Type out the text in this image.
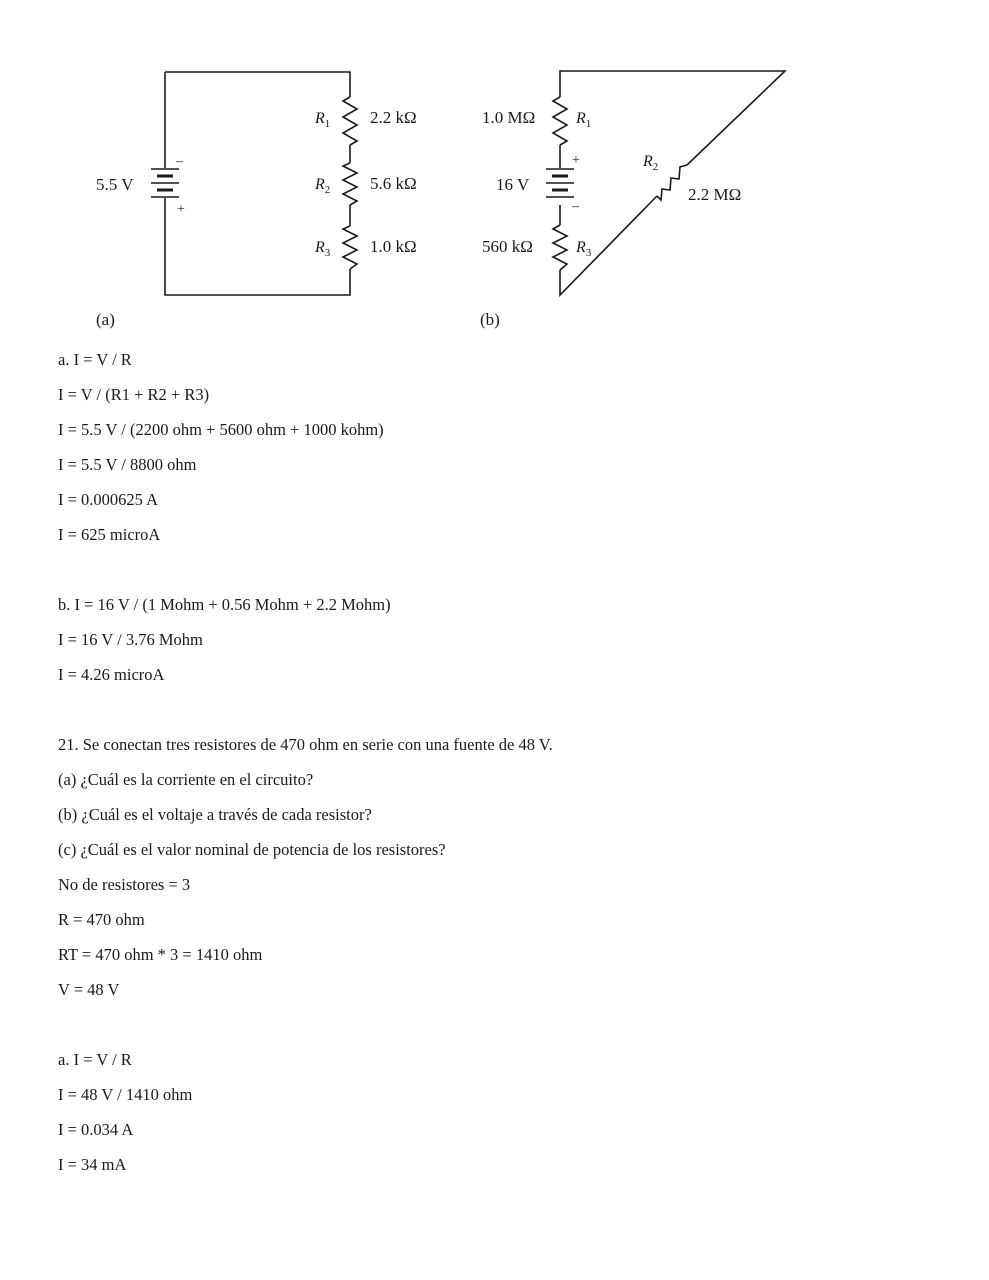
5.5 V
–
+
$R_1$ 2.2 kΩ
$R_2$ 5.6 kΩ
$R_3$ 1.0 kΩ
(a)
16 V
+
–
1.0 MΩ	$R_1$
$R_2$
2.2 MΩ
560 kΩ	$R_3$
(b)
a. I = V / R
I = V / (R1 + R2 + R3)
I = 5.5 V / (2200 ohm + 5600 ohm + 1000 kohm)
I = 5.5 V / 8800 ohm
I = 0.000625 A
I = 625 microA
b. I = 16 V / (1 Mohm + 0.56 Mohm + 2.2 Mohm)
I = 16 V / 3.76 Mohm
I = 4.26 microA
21. Se conectan tres resistores de 470 ohm en serie con una fuente de 48 V.
(a) ¿Cuál es la corriente en el circuito?
(b) ¿Cuál es el voltaje a través de cada resistor?
(c) ¿Cuál es el valor nominal de potencia de los resistores?
No de resistores = 3
R = 470 ohm
RT = 470 ohm * 3 = 1410 ohm
V = 48 V
a. I = V / R
I = 48 V / 1410 ohm
I = 0.034 A
I = 34 mA
